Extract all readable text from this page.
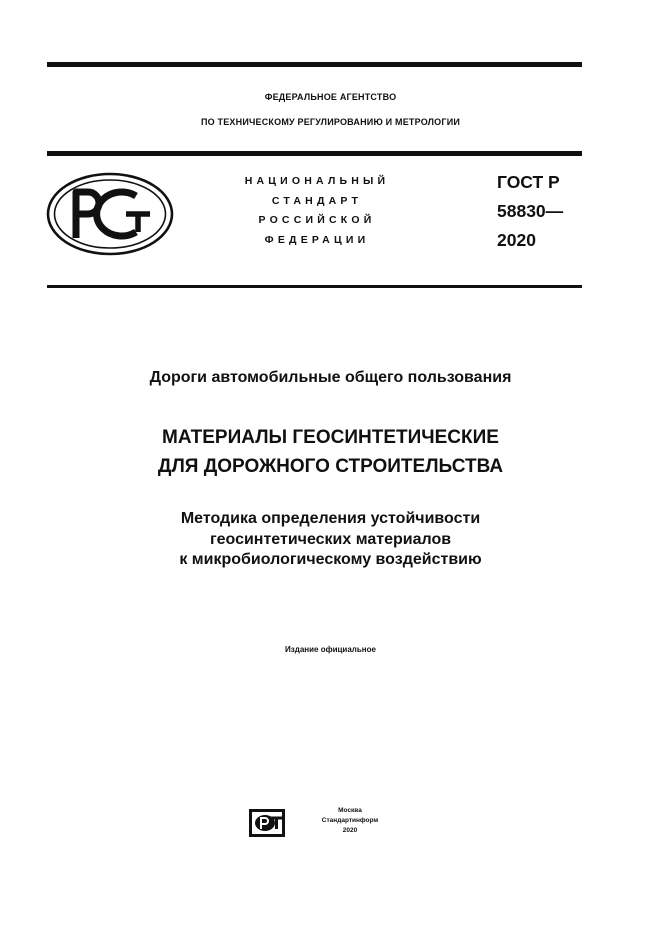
ФЕДЕРАЛЬНОЕ АГЕНТСТВО
ПО ТЕХНИЧЕСКОМУ РЕГУЛИРОВАНИЮ И МЕТРОЛОГИИ
НАЦИОНАЛЬНЫЙ
СТАНДАРТ
РОССИЙСКОЙ
ФЕДЕРАЦИИ
ГОСТ Р
58830—
2020
Дороги автомобильные общего пользования
МАТЕРИАЛЫ ГЕОСИНТЕТИЧЕСКИЕ
ДЛЯ ДОРОЖНОГО СТРОИТЕЛЬСТВА
Методика определения устойчивости
геосинтетических материалов
к микробиологическому воздействию
Издание официальное
Москва
Стандартинформ
2020
